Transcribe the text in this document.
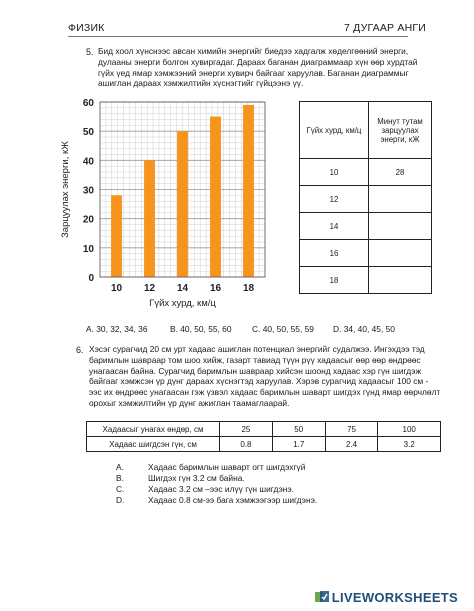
ФИЗИК	7 ДУГААР АНГИ
5. Бид хоол хүнснээс авсан химийн энергийг биедээ хадгалж хөделгөөний энерги,
дулааны энерги болгон хувиргадаг. Дараах баганан диаграммаар хүн өөр хурдтай
гүйх үед ямар хэмжээний энерги хувирч байгааг харуулав. Баганан диаграммыг
ашиглан дараах хэмжилтийн хүснэгтийг гүйцээнэ үү.
10 12 14 16 18
0
10
20
30
40
50
60
Гүйх хурд, км/ц
Зарцуулах энерги, кЖ
Гүйх хурд, км/ц	Минут тутам зарцуулах энерги, кЖ
10	28
12	
14	
16	
18	
A. 30, 32, 34, 36	B. 40, 50, 55, 60 C. 40, 50, 55, 59 D. 34, 40, 45, 50
6. Хэсэг сурагчид 20 см урт хадаас ашиглан потенциал энергийг судалжээ. Ингэхдээ тэд
баримлын шавраар том шоо хийж, газарт тавиад түүн рүү хадаасыг өөр өөр өндрөөс
унагаасан байна. Сурагчид баримлын шавраар хийсэн шоонд хадаас хэр гүн шигдэж
байгааг хэмжсэн үр дүнг дараах хүснэгтэд харуулав. Хэрэв сурагчид хадаасыг 100 см -
ээс их өндрөөс унагаасан гэж үзвэл хадаас баримлын шаварт шигдэх гүнд ямар өөрчлөлт
орохыг хэмжилтийн үр дүнг ажиглан таамаглаарай.
Хадаасыг унагах өндөр, см	25	50	75	100
Хадаас шигдсэн гүн, см	0.8	1.7	2.4	3.2
A.	Хадаас баримлын шаварт огт шигдэхгүй
B.	Шигдэх гүн 3.2 см байна.
C.	Хадаас 3.2 см –ээс илүү гүн шигдэнэ.
D.	Хадаас 0.8 см-ээ бага хэмжээгээр шигдэнэ.
LIVEWORKSHEETS
